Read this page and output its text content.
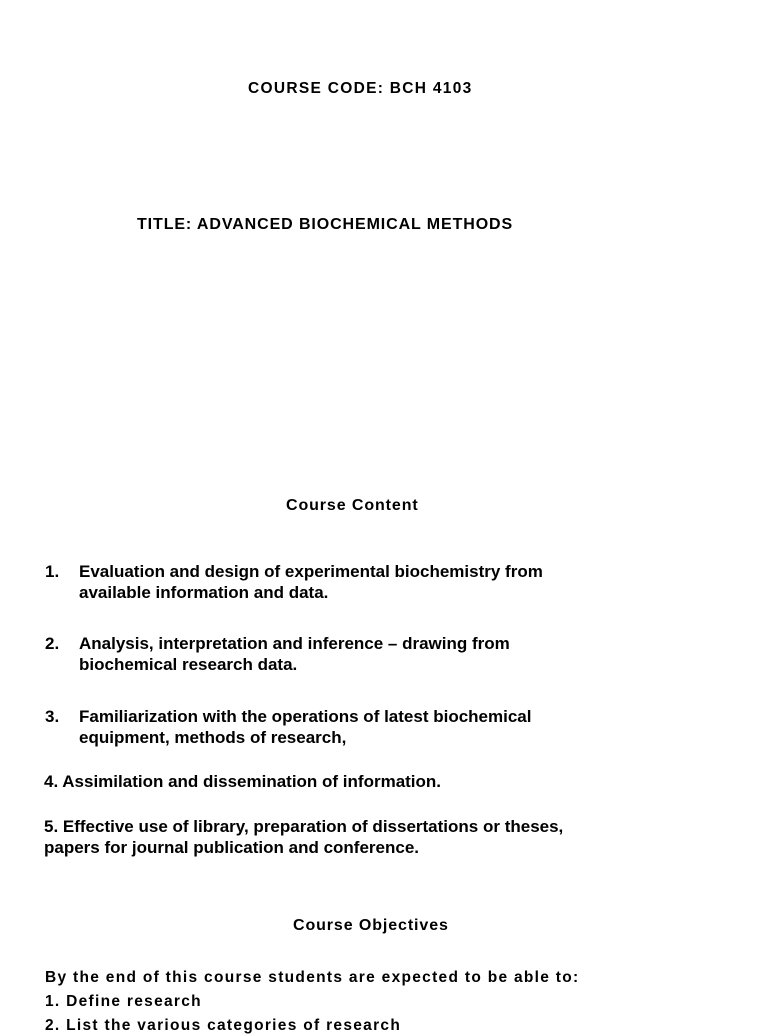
COURSE CODE: BCH 4103
TITLE: ADVANCED BIOCHEMICAL METHODS
Course Content
1. Evaluation and design of experimental biochemistry from
available information and data.
2. Analysis, interpretation and inference – drawing from
biochemical research data.
3. Familiarization with the operations of latest biochemical
equipment, methods of research,
4. Assimilation and dissemination of information.
5. Effective use of library, preparation of dissertations or theses,
papers for journal publication and conference.
Course Objectives
By the end of this course students are expected to be able to:
1. Define research
2. List the various categories of research
